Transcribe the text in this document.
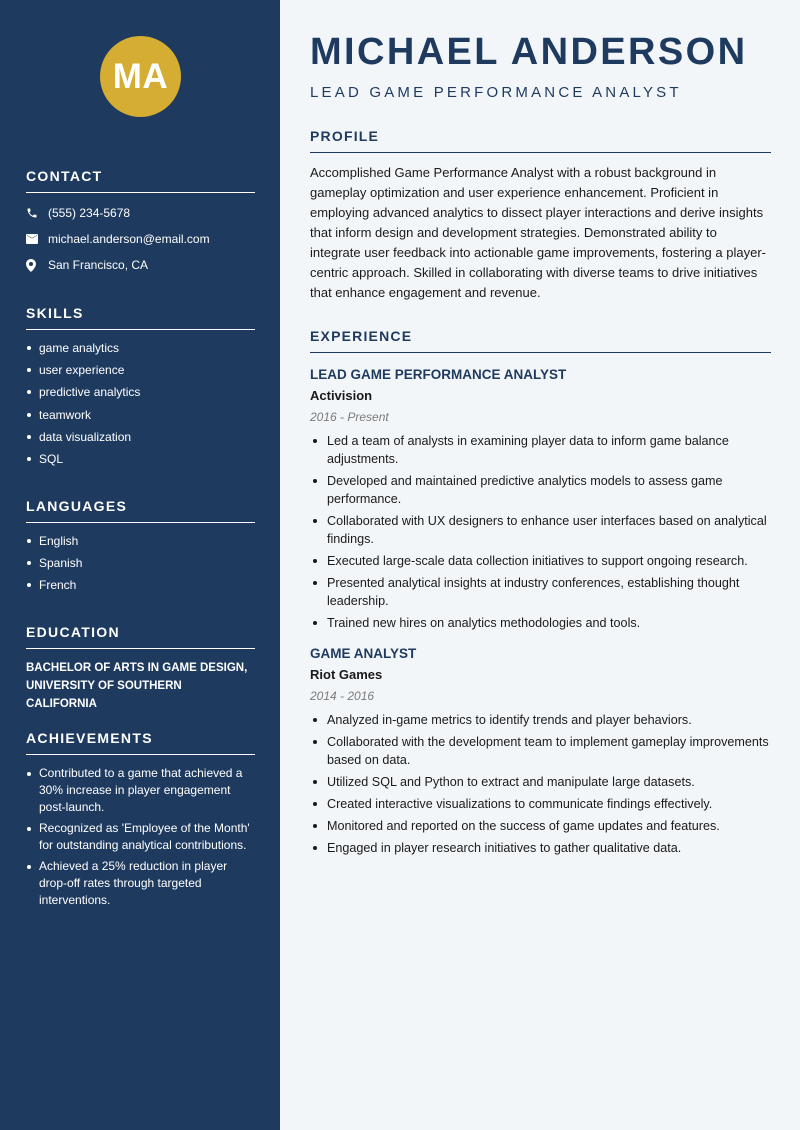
MA
CONTACT
(555) 234-5678
michael.anderson@email.com
San Francisco, CA
SKILLS
game analytics
user experience
predictive analytics
teamwork
data visualization
SQL
LANGUAGES
English
Spanish
French
EDUCATION
BACHELOR OF ARTS IN GAME DESIGN, UNIVERSITY OF SOUTHERN CALIFORNIA
ACHIEVEMENTS
Contributed to a game that achieved a 30% increase in player engagement post-launch.
Recognized as 'Employee of the Month' for outstanding analytical contributions.
Achieved a 25% reduction in player drop-off rates through targeted interventions.
MICHAEL ANDERSON
LEAD GAME PERFORMANCE ANALYST
PROFILE
Accomplished Game Performance Analyst with a robust background in gameplay optimization and user experience enhancement. Proficient in employing advanced analytics to dissect player interactions and derive insights that inform design and development strategies. Demonstrated ability to integrate user feedback into actionable game improvements, fostering a player-centric approach. Skilled in collaborating with diverse teams to drive initiatives that enhance engagement and revenue.
EXPERIENCE
LEAD GAME PERFORMANCE ANALYST
Activision
2016 - Present
Led a team of analysts in examining player data to inform game balance adjustments.
Developed and maintained predictive analytics models to assess game performance.
Collaborated with UX designers to enhance user interfaces based on analytical findings.
Executed large-scale data collection initiatives to support ongoing research.
Presented analytical insights at industry conferences, establishing thought leadership.
Trained new hires on analytics methodologies and tools.
GAME ANALYST
Riot Games
2014 - 2016
Analyzed in-game metrics to identify trends and player behaviors.
Collaborated with the development team to implement gameplay improvements based on data.
Utilized SQL and Python to extract and manipulate large datasets.
Created interactive visualizations to communicate findings effectively.
Monitored and reported on the success of game updates and features.
Engaged in player research initiatives to gather qualitative data.
